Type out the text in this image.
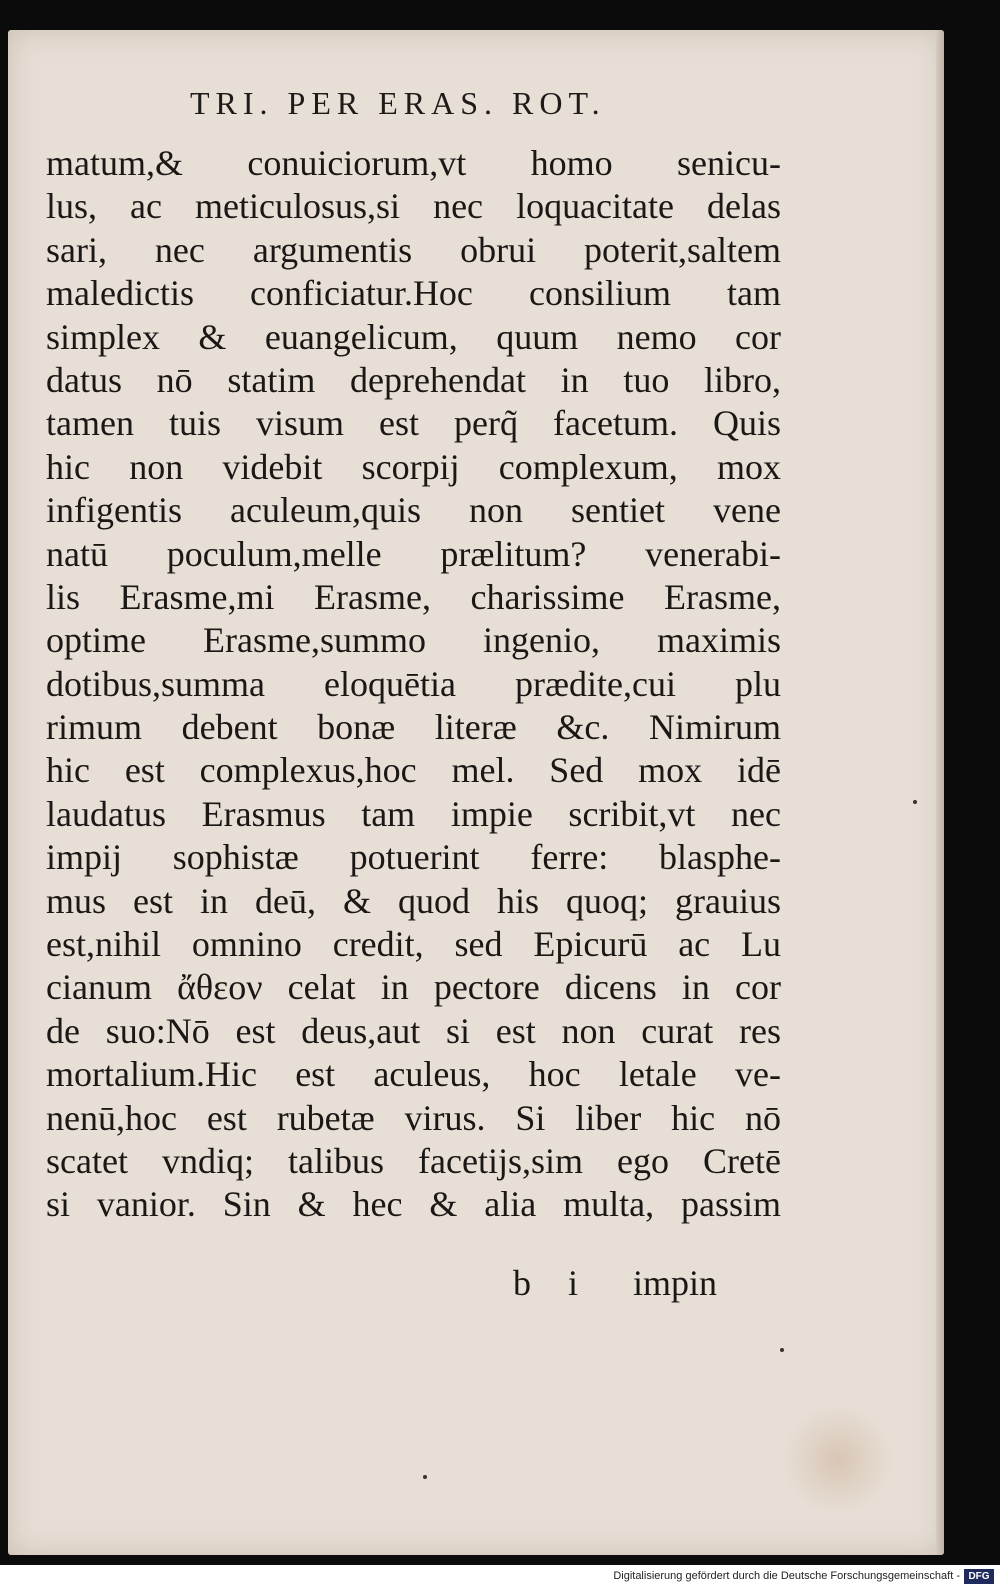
TRI. PER ERAS. ROT.
matum,& conuiciorum,vt homo senicu-
lus, ac meticulosus,si nec loquacitate delas
sari, nec argumentis obrui poterit,saltem
maledictis conficiatur.Hoc consilium tam
simplex & euangelicum, quum nemo cor
datus nō statim deprehendat in tuo libro,
tamen tuis visum est perq̃ facetum. Quis
hic non videbit scorpij complexum, mox
infigentis aculeum,quis non sentiet vene
natū poculum,melle prælitum? venerabi-
lis Erasme,mi Erasme, charissime Erasme,
optime Erasme,summo ingenio, maximis
dotibus,summa eloquētia prædite,cui plu
rimum debent bonæ literæ &c. Nimirum
hic est complexus,hoc mel. Sed mox idē
laudatus Erasmus tam impie scribit,vt nec
impij sophistæ potuerint ferre: blasphe-
mus est in deū, & quod his quoq; grauius
est,nihil omnino credit, sed Epicurū ac Lu
cianum ἄθεον celat in pectore dicens in cor
de suo:Nō est deus,aut si est non curat res
mortalium.Hic est aculeus, hoc letale ve-
nenū,hoc est rubetæ virus. Si liber hic nō
scatet vndiq; talibus facetijs,sim ego Cretē
si vanior. Sin & hec & alia multa, passim
b i impin
Digitalisierung gefördert durch die Deutsche Forschungsgemeinschaft - DFG
